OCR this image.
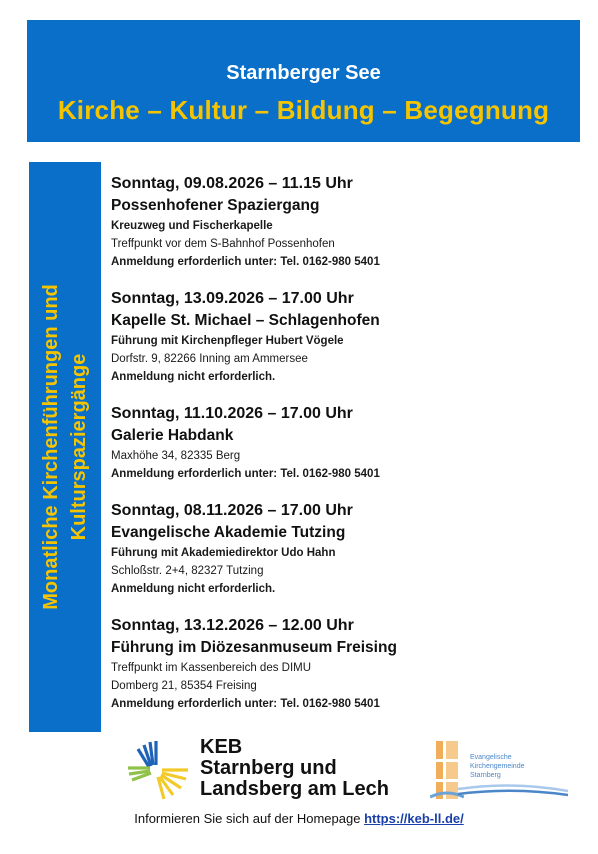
Starnberger See
Kirche – Kultur – Bildung – Begegnung
Monatliche Kirchenführungen und Kulturspaziergänge
Sonntag, 09.08.2026 – 11.15 Uhr
Possenhofener Spaziergang
Kreuzweg und Fischerkapelle
Treffpunkt vor dem S-Bahnhof Possenhofen
Anmeldung erforderlich unter: Tel. 0162-980 5401
Sonntag, 13.09.2026 – 17.00 Uhr
Kapelle St. Michael – Schlagenhofen
Führung mit Kirchenpfleger Hubert Vögele
Dorfstr. 9, 82266 Inning am Ammersee
Anmeldung nicht erforderlich.
Sonntag, 11.10.2026 – 17.00 Uhr
Galerie Habdank
Maxhöhe 34, 82335 Berg
Anmeldung erforderlich unter: Tel. 0162-980 5401
Sonntag, 08.11.2026 – 17.00 Uhr
Evangelische Akademie Tutzing
Führung mit Akademiedirektor Udo Hahn
Schloßstr. 2+4, 82327 Tutzing
Anmeldung nicht erforderlich.
Sonntag, 13.12.2026 – 12.00 Uhr
Führung im Diözesanmuseum Freising
Treffpunkt im Kassenbereich des DIMU
Domberg 21, 85354 Freising
Anmeldung erforderlich unter: Tel. 0162-980 5401
KEB
Starnberg und
Landsberg am Lech
Evangelische
Kirchengemeinde
Starnberg
Informieren Sie sich auf der Homepage https://keb-ll.de/
